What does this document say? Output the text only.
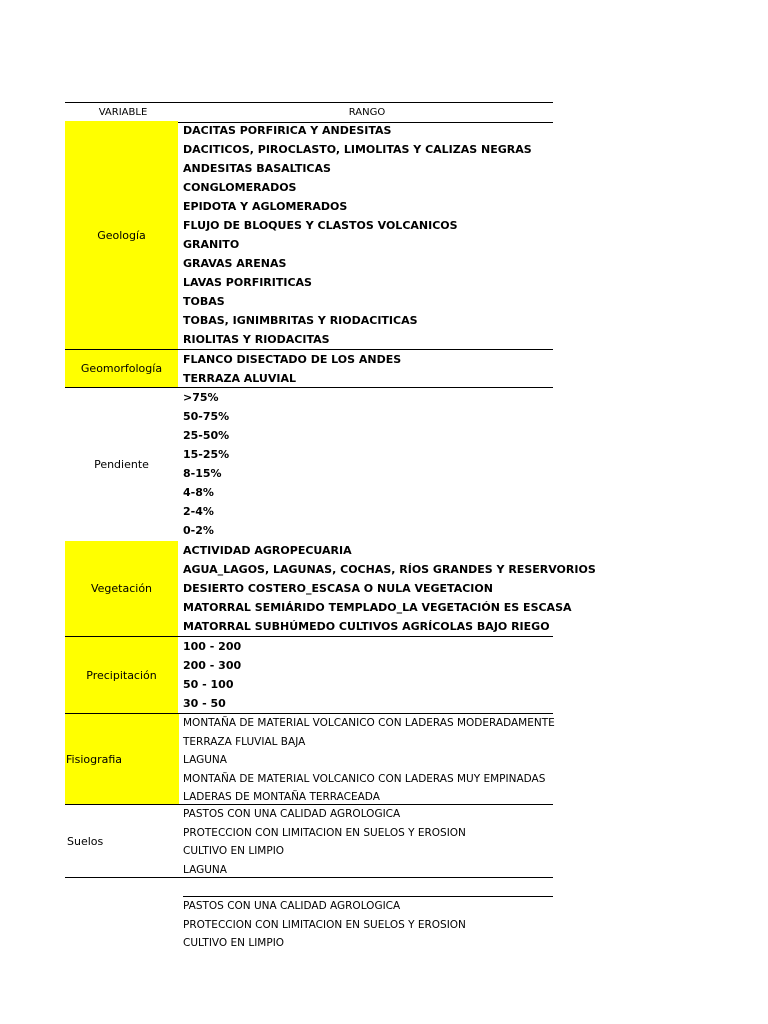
VARIABLE	RANGO
Geología
DACITAS PORFIRICA Y ANDESITAS
DACITICOS, PIROCLASTO, LIMOLITAS Y CALIZAS NEGRAS
ANDESITAS BASALTICAS
CONGLOMERADOS
EPIDOTA Y AGLOMERADOS
FLUJO DE BLOQUES Y CLASTOS VOLCANICOS
GRANITO
GRAVAS ARENAS
LAVAS PORFIRITICAS
TOBAS
TOBAS, IGNIMBRITAS Y RIODACITICAS
RIOLITAS Y RIODACITAS
Geomorfología
FLANCO DISECTADO DE LOS ANDES
TERRAZA ALUVIAL
Pendiente
>75%
50-75%
25-50%
15-25%
8-15%
4-8%
2-4%
0-2%
Vegetación
ACTIVIDAD AGROPECUARIA
AGUA_LAGOS, LAGUNAS, COCHAS, RÍOS GRANDES Y RESERVORIOS
DESIERTO COSTERO_ESCASA O NULA VEGETACION
MATORRAL SEMIÁRIDO TEMPLADO_LA VEGETACIÓN ES ESCASA
MATORRAL SUBHÚMEDO CULTIVOS AGRÍCOLAS BAJO RIEGO
Precipitación
100 - 200
200 - 300
50 - 100
30 - 50
Fisiografia
MONTAÑA DE MATERIAL VOLCANICO CON LADERAS MODERADAMENTE
TERRAZA FLUVIAL BAJA
LAGUNA
MONTAÑA DE MATERIAL VOLCANICO CON LADERAS MUY EMPINADAS
LADERAS DE MONTAÑA TERRACEADA
Suelos
PASTOS CON UNA CALIDAD AGROLOGICA
PROTECCION CON LIMITACION EN SUELOS Y EROSION
CULTIVO EN LIMPIO
LAGUNA
PASTOS CON UNA CALIDAD AGROLOGICA
PROTECCION CON LIMITACION EN SUELOS Y EROSION
CULTIVO EN LIMPIO
